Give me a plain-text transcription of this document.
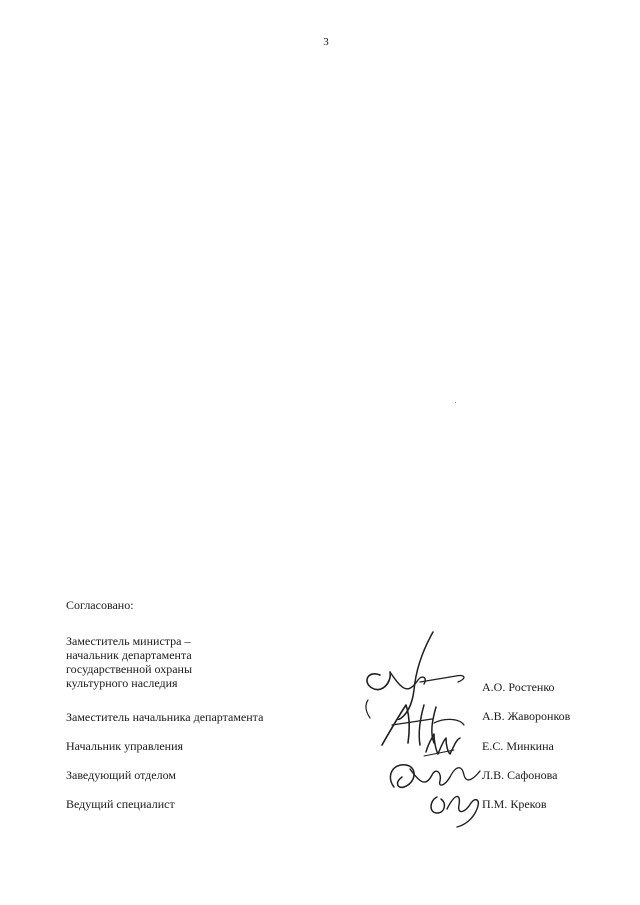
3
Согласовано:
Заместитель министра –
начальник департамента
государственной охраны
культурного наследия	А.О. Ростенко
Заместитель начальника департамента	А.В. Жаворонков
Начальник управления	Е.С. Минкина
Заведующий отделом	Л.В. Сафонова
Ведущий специалист	П.М. Креков
